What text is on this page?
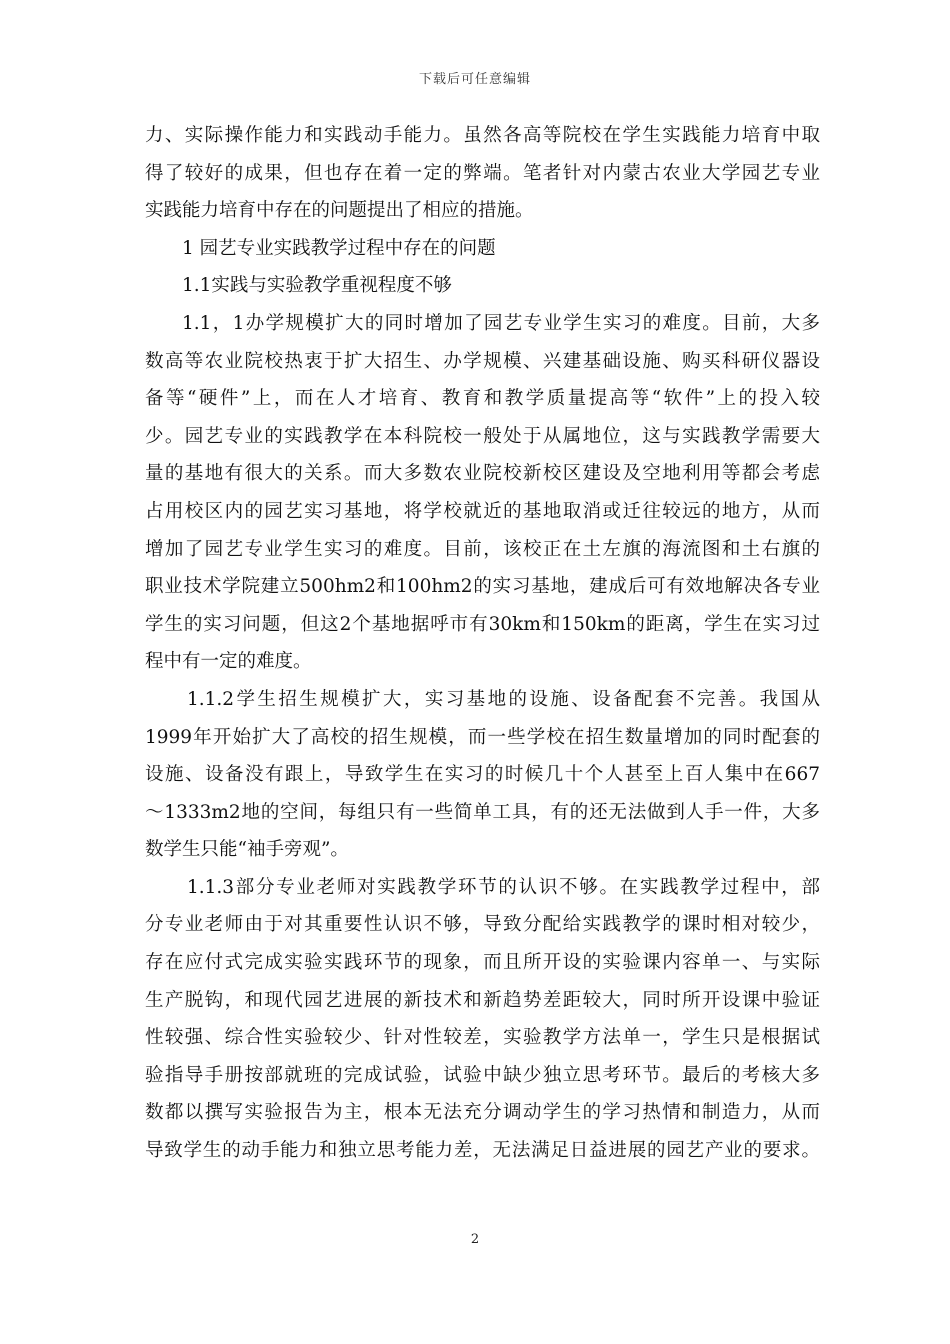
下载后可任意编辑
力、实际操作能力和实践动手能力。虽然各高等院校在学生实践能力培育中取
得了较好的成果，但也存在着一定的弊端。笔者针对内蒙古农业大学园艺专业
实践能力培育中存在的问题提出了相应的措施。
1 园艺专业实践教学过程中存在的问题
1.1实践与实验教学重视程度不够
1.1，1办学规模扩大的同时增加了园艺专业学生实习的难度。目前，大多
数高等农业院校热衷于扩大招生、办学规模、兴建基础设施、购买科研仪器设
备等“硬件”上，而在人才培育、教育和教学质量提高等“软件”上的投入较
少。园艺专业的实践教学在本科院校一般处于从属地位，这与实践教学需要大
量的基地有很大的关系。而大多数农业院校新校区建设及空地利用等都会考虑
占用校区内的园艺实习基地，将学校就近的基地取消或迁往较远的地方，从而
增加了园艺专业学生实习的难度。目前，该校正在土左旗的海流图和土右旗的
职业技术学院建立500hm2和100hm2的实习基地，建成后可有效地解决各专业
学生的实习问题，但这2个基地据呼市有30km和150km的距离，学生在实习过
程中有一定的难度。
1.1.2学生招生规模扩大，实习基地的设施、设备配套不完善。我国从
1999年开始扩大了高校的招生规模，而一些学校在招生数量增加的同时配套的
设施、设备没有跟上，导致学生在实习的时候几十个人甚至上百人集中在667
～1333m2地的空间，每组只有一些简单工具，有的还无法做到人手一件，大多
数学生只能“袖手旁观”。
1.1.3部分专业老师对实践教学环节的认识不够。在实践教学过程中，部
分专业老师由于对其重要性认识不够，导致分配给实践教学的课时相对较少，
存在应付式完成实验实践环节的现象，而且所开设的实验课内容单一、与实际
生产脱钩，和现代园艺进展的新技术和新趋势差距较大，同时所开设课中验证
性较强、综合性实验较少、针对性较差，实验教学方法单一，学生只是根据试
验指导手册按部就班的完成试验，试验中缺少独立思考环节。最后的考核大多
数都以撰写实验报告为主，根本无法充分调动学生的学习热情和制造力，从而
导致学生的动手能力和独立思考能力差，无法满足日益进展的园艺产业的要求。
2
